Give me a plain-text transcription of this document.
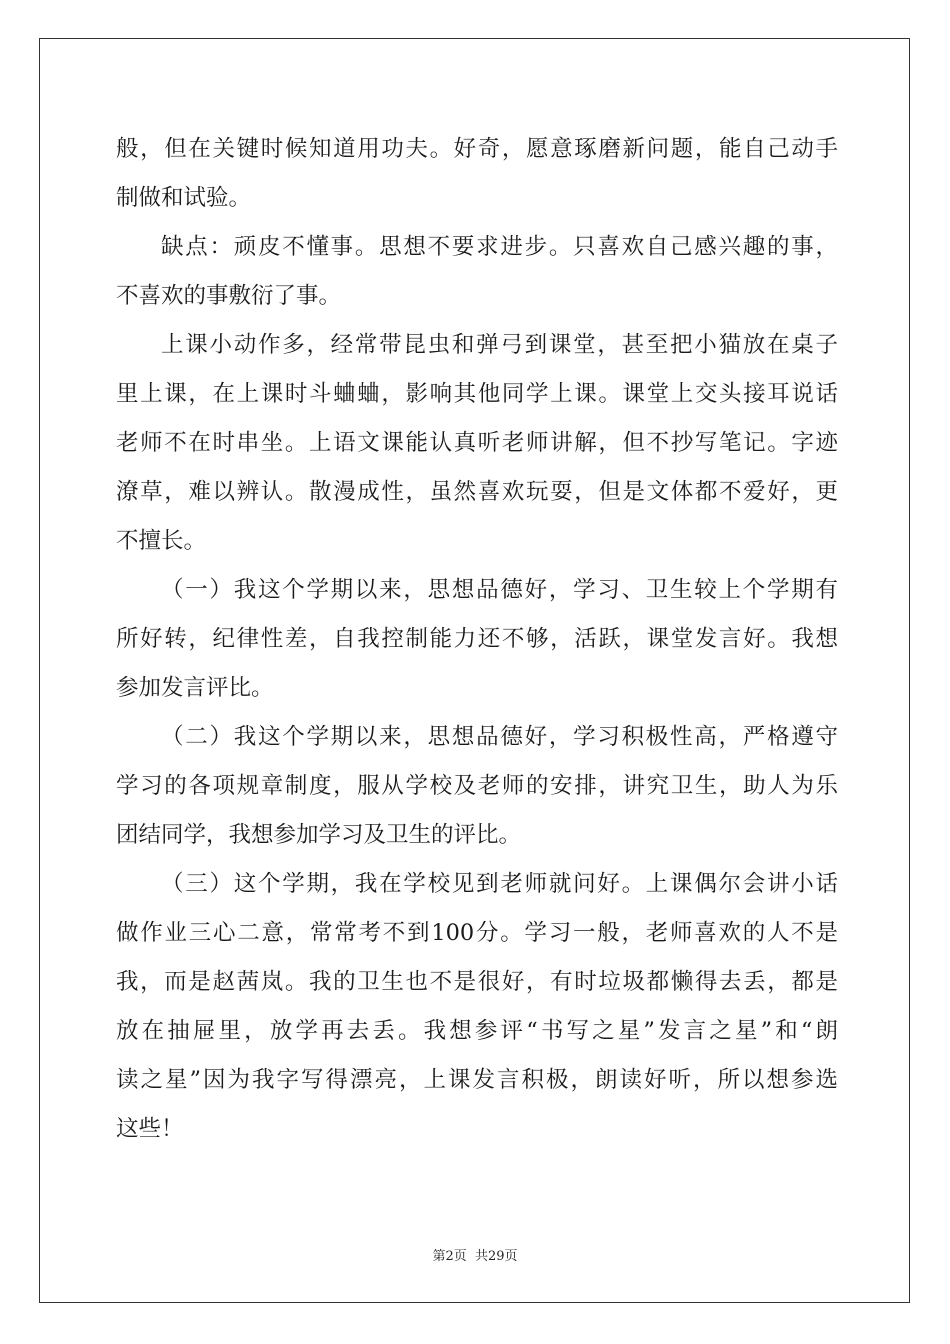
般，但在关键时候知道用功夫。好奇，愿意琢磨新问题，能自己动手
制做和试验。
缺点：顽皮不懂事。思想不要求进步。只喜欢自己感兴趣的事，
不喜欢的事敷衍了事。
上课小动作多，经常带昆虫和弹弓到课堂，甚至把小猫放在桌子
里上课，在上课时斗蛐蛐，影响其他同学上课。课堂上交头接耳说话
老师不在时串坐。上语文课能认真听老师讲解，但不抄写笔记。字迹
潦草，难以辨认。散漫成性，虽然喜欢玩耍，但是文体都不爱好，更
不擅长。
（一）我这个学期以来，思想品德好，学习、卫生较上个学期有
所好转，纪律性差，自我控制能力还不够，活跃，课堂发言好。我想
参加发言评比。
（二）我这个学期以来，思想品德好，学习积极性高，严格遵守
学习的各项规章制度，服从学校及老师的安排，讲究卫生，助人为乐
团结同学，我想参加学习及卫生的评比。
（三）这个学期，我在学校见到老师就问好。上课偶尔会讲小话
做作业三心二意，常常考不到100分。学习一般，老师喜欢的人不是
我，而是赵茜岚。我的卫生也不是很好，有时垃圾都懒得去丢，都是
放在抽屉里，放学再去丢。我想参评“书写之星”发言之星”和“朗
读之星”因为我字写得漂亮，上课发言积极，朗读好听，所以想参选
这些！
第2页 共29页
